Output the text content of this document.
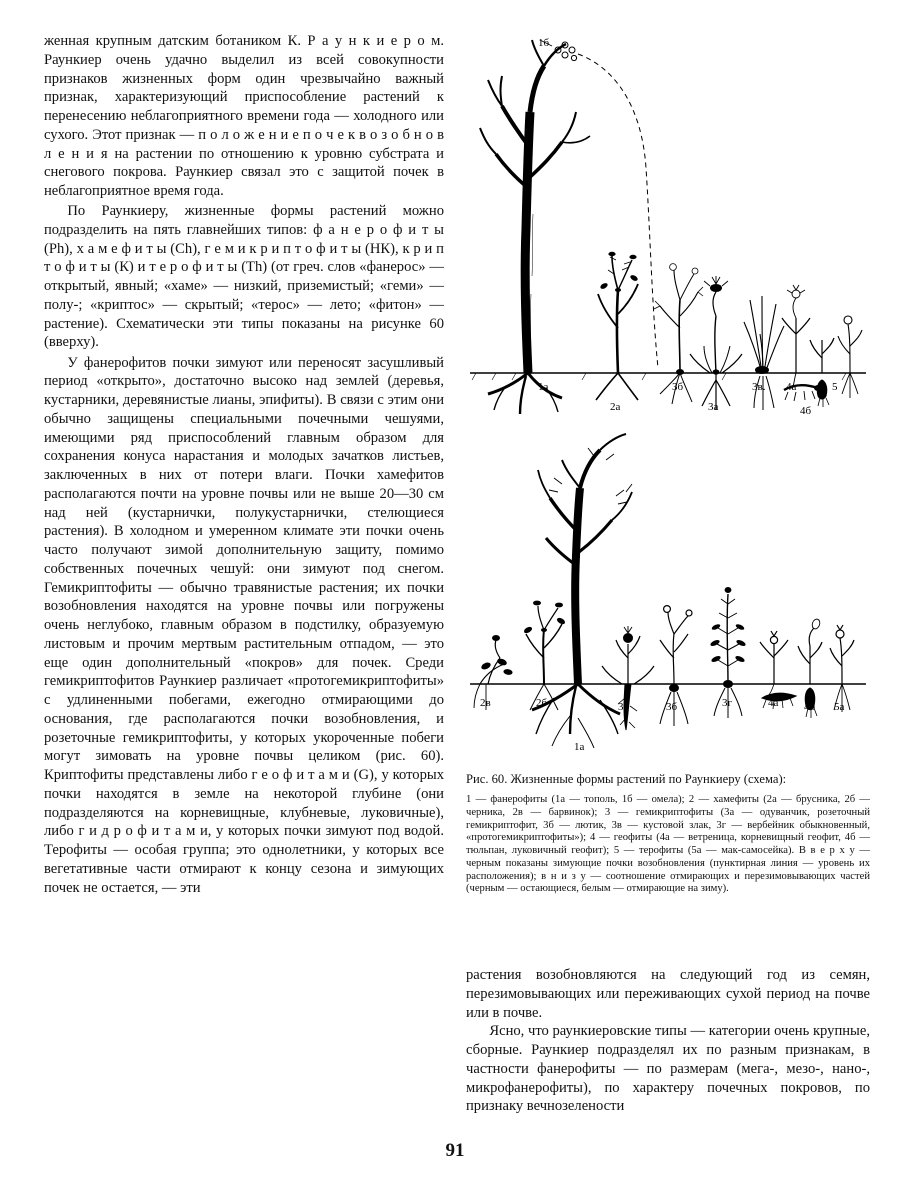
женная крупным датским ботаником К. Р а у н к и е р о м. Раункиер очень удачно выделил из всей совокупности признаков жизненных форм один чрезвычайно важный признак, характеризующий приспособление растений к перенесению неблагоприятного времени года — холодного или сухого. Этот признак — п о л о ж е н и е п о ч е к в о з о б н о в л е н и я на растении по отношению к уровню субстрата и снегового покрова. Раункиер связал это с защитой почек в неблагоприятное время года.

По Раункиеру, жизненные формы растений можно подразделить на пять главнейших типов: ф а н е р о ф и т ы (Ph), х а м е ф и т ы (Ch), г е м и к р и п т о ф и т ы (НК), к р и п т о ф и т ы (К) и т е р о ф и т ы (Th) (от греч. слов «фанерос» — открытый, явный; «хаме» — низкий, приземистый; «геми» — полу-; «криптос» — скрытый; «терос» — лето; «фитон» — растение). Схематически эти типы показаны на рисунке 60 (вверху).

У фанерофитов почки зимуют или переносят засушливый период «открыто», достаточно высоко над землей (деревья, кустарники, деревянистые лианы, эпифиты). В связи с этим они обычно защищены специальными почечными чешуями, имеющими ряд приспособлений главным образом для сохранения конуса нарастания и молодых зачатков листьев, заключенных в них от потери влаги. Почки хамефитов располагаются почти на уровне почвы или не выше 20—30 см над ней (кустарнички, полукустарнички, стелющиеся растения). В холодном и умеренном климате эти почки очень часто получают зимой дополнительную защиту, помимо собственных почечных чешуй: они зимуют под снегом. Гемикриптофиты — обычно травянистые растения; их почки возобновления находятся на уровне почвы или погружены очень неглубоко, главным образом в подстилку, образуемую листовым и прочим мертвым растительным отпадом, — это еще один дополнительный «покров» для почек. Среди гемикриптофитов Раункиер различает «протогемикриптофиты» с удлиненными побегами, ежегодно отмирающими до основания, где располагаются почки возобновления, и розеточные гемикриптофиты, у которых укороченные побеги могут зимовать на уровне почвы целиком (рис. 60). Криптофиты представлены либо г е о ф и т а м и (G), у которых почки находятся в земле на некоторой глубине (они подразделяются на корневищные, клубневые, луковичные), либо г и д р о ф и т а м и, у которых почки зимуют под водой. Терофиты — особая группа; это однолетники, у которых все вегетативные части отмирают к концу сезона и зимующих почек не остается, — эти

1б
1а
2а
3б
3а
3в. 4а	5
4б
2в	2б	3а	3б	3г	4а 4б 5а
1а
Рис. 60. Жизненные формы растений по Раункиеру (схема):
1 — фанерофиты (1а — тополь, 1б — омела); 2 — хамефиты (2а — брусника, 2б — черника, 2в — барвинок); 3 — гемикриптофиты (3а — одуванчик, розеточный гемикриптофит, 3б — лютик, 3в — кустовой злак, 3г — вербейник обыкновенный, «протогемикриптофиты»); 4 — геофиты (4а — ветреница, корневищный геофит, 4б — тюльпан, луковичный геофит); 5 — терофиты (5а — мак-самосейка). В в е р х у — черным показаны зимующие почки возобновления (пунктирная линия — уровень их расположения); в н и з у — соотношение отмирающих и перезимовывающих частей (черным — остающиеся, белым — отмирающие на зиму).

растения возобновляются на следующий год из семян, перезимовывающих или переживающих сухой период на почве или в почве.

Ясно, что раункиеровские типы — категории очень крупные, сборные. Раункиер подразделял их по разным признакам, в частности фанерофиты — по размерам (мега-, мезо-, нано-, микрофанерофиты), по характеру почечных покровов, по признаку вечнозелености

91
